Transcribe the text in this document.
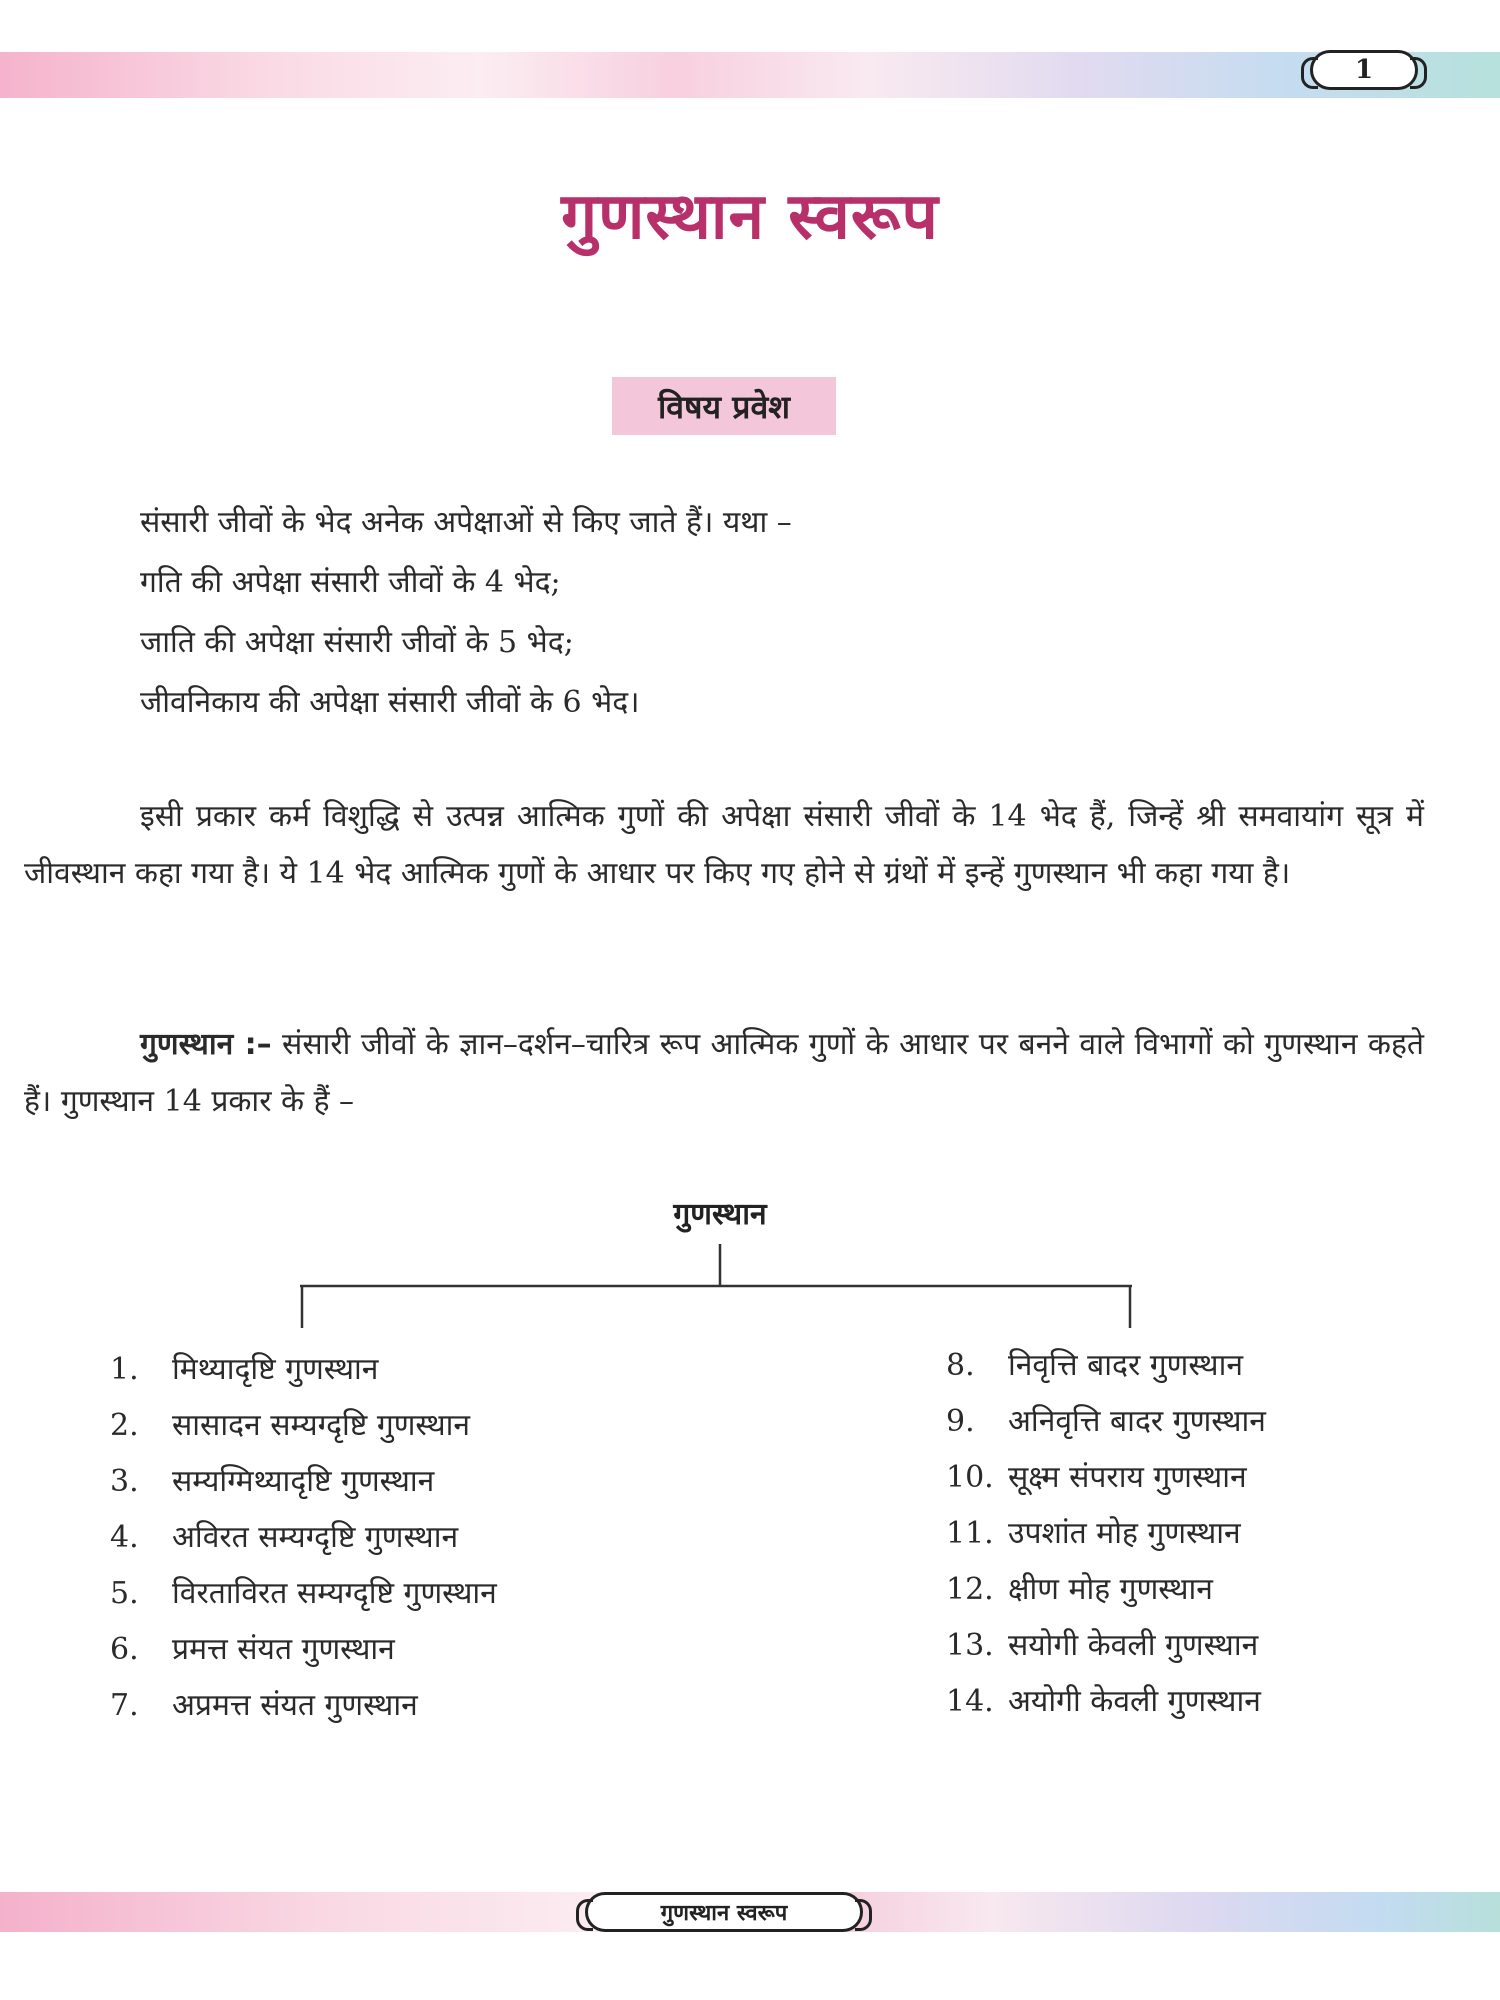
1
गुणस्थान स्वरूप
विषय प्रवेश
संसारी जीवों के भेद अनेक अपेक्षाओं से किए जाते हैं। यथा –
गति की अपेक्षा संसारी जीवों के 4 भेद;
जाति की अपेक्षा संसारी जीवों के 5 भेद;
जीवनिकाय की अपेक्षा संसारी जीवों के 6 भेद।

इसी प्रकार कर्म विशुद्धि से उत्पन्न आत्मिक गुणों की अपेक्षा संसारी जीवों के 14 भेद हैं, जिन्हें श्री समवायांग सूत्र में जीवस्थान कहा गया है। ये 14 भेद आत्मिक गुणों के आधार पर किए गए होने से ग्रंथों में इन्हें गुणस्थान भी कहा गया है।

गुणस्थान :– संसारी जीवों के ज्ञान–दर्शन–चारित्र रूप आत्मिक गुणों के आधार पर बनने वाले विभागों को गुणस्थान कहते हैं। गुणस्थान 14 प्रकार के हैं –

गुणस्थान
1. मिथ्यादृष्टि गुणस्थान
2. सासादन सम्यग्दृष्टि गुणस्थान
3. सम्यग्मिथ्यादृष्टि गुणस्थान
4. अविरत सम्यग्दृष्टि गुणस्थान
5. विरताविरत सम्यग्दृष्टि गुणस्थान
6. प्रमत्त संयत गुणस्थान
7. अप्रमत्त संयत गुणस्थान
8. निवृत्ति बादर गुणस्थान
9. अनिवृत्ति बादर गुणस्थान
10. सूक्ष्म संपराय गुणस्थान
11. उपशांत मोह गुणस्थान
12. क्षीण मोह गुणस्थान
13. सयोगी केवली गुणस्थान
14. अयोगी केवली गुणस्थान
गुणस्थान स्वरूप
